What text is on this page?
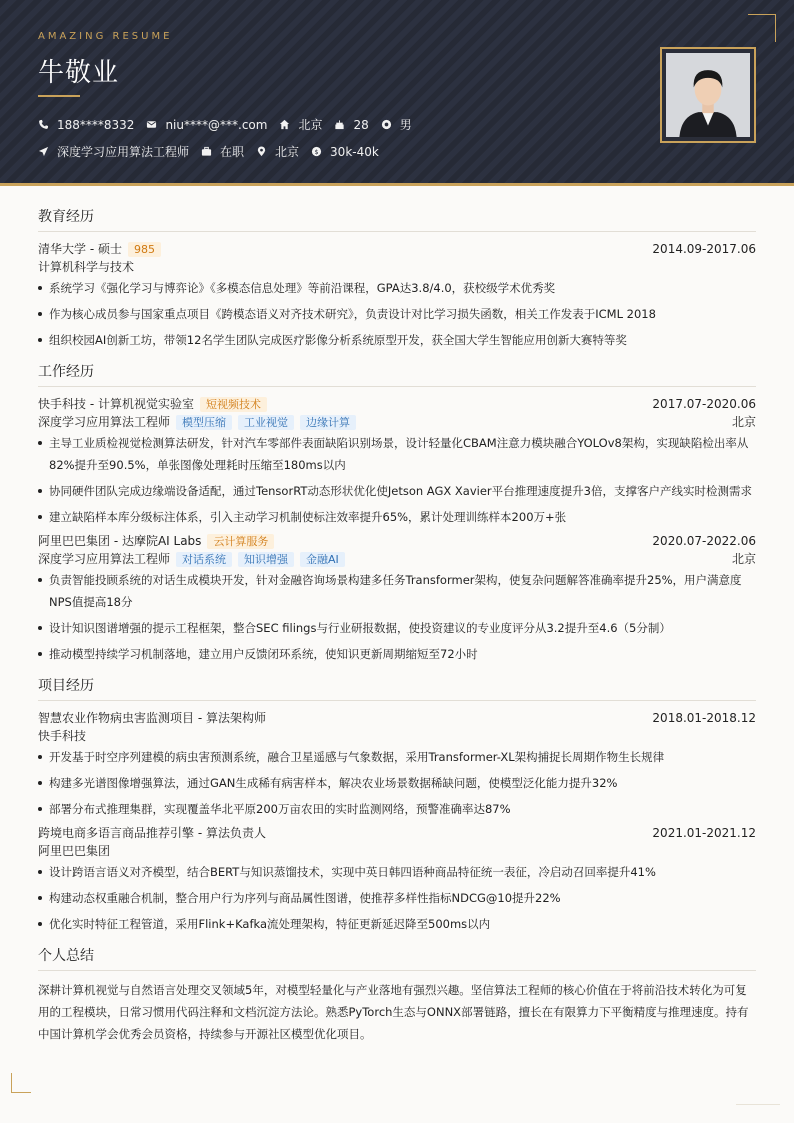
AMAZING RESUME
牛敬业
188****8332	niu****@***.com	北京	28	男
深度学习应用算法工程师	在职	北京 $ 30k-40k
教育经历
清华大学 - 硕士	985	2014.09-2017.06
计算机科学与技术
系统学习《强化学习与博弈论》《多模态信息处理》等前沿课程，GPA达3.8/4.0，获校级学术优秀奖
作为核心成员参与国家重点项目《跨模态语义对齐技术研究》，负责设计对比学习损失函数，相关工作发表于ICML 2018
组织校园AI创新工坊，带领12名学生团队完成医疗影像分析系统原型开发，获全国大学生智能应用创新大赛特等奖
工作经历
快手科技 - 计算机视觉实验室	短视频技术	2017.07-2020.06
深度学习应用算法工程师	模型压缩	工业视觉	边缘计算	北京
主导工业质检视觉检测算法研发，针对汽车零部件表面缺陷识别场景，设计轻量化CBAM注意力模块融合YOLOv8架构，实现缺陷检出率从82%提升至90.5%，单张图像处理耗时压缩至180ms以内
协同硬件团队完成边缘端设备适配，通过TensorRT动态形状优化使Jetson AGX Xavier平台推理速度提升3倍，支撑客户产线实时检测需求
建立缺陷样本库分级标注体系，引入主动学习机制使标注效率提升65%，累计处理训练样本200万+张
阿里巴巴集团 - 达摩院AI Labs	云计算服务	2020.07-2022.06
深度学习应用算法工程师	对话系统	知识增强	金融AI	北京
负责智能投顾系统的对话生成模块开发，针对金融咨询场景构建多任务Transformer架构，使复杂问题解答准确率提升25%，用户满意度NPS值提高18分
设计知识图谱增强的提示工程框架，整合SEC filings与行业研报数据，使投资建议的专业度评分从3.2提升至4.6（5分制）
推动模型持续学习机制落地，建立用户反馈闭环系统，使知识更新周期缩短至72小时
项目经历
智慧农业作物病虫害监测项目 - 算法架构师	2018.01-2018.12
快手科技
开发基于时空序列建模的病虫害预测系统，融合卫星遥感与气象数据，采用Transformer-XL架构捕捉长周期作物生长规律
构建多光谱图像增强算法，通过GAN生成稀有病害样本，解决农业场景数据稀缺问题，使模型泛化能力提升32%
部署分布式推理集群，实现覆盖华北平原200万亩农田的实时监测网络，预警准确率达87%
跨境电商多语言商品推荐引擎 - 算法负责人	2021.01-2021.12
阿里巴巴集团
设计跨语言语义对齐模型，结合BERT与知识蒸馏技术，实现中英日韩四语种商品特征统一表征，冷启动召回率提升41%
构建动态权重融合机制，整合用户行为序列与商品属性图谱，使推荐多样性指标NDCG@10提升22%
优化实时特征工程管道，采用Flink+Kafka流处理架构，特征更新延迟降至500ms以内
个人总结
深耕计算机视觉与自然语言处理交叉领域5年，对模型轻量化与产业落地有强烈兴趣。坚信算法工程师的核心价值在于将前沿技术转化为可复用的工程模块，日常习惯用代码注释和文档沉淀方法论。熟悉PyTorch生态与ONNX部署链路，擅长在有限算力下平衡精度与推理速度。持有中国计算机学会优秀会员资格，持续参与开源社区模型优化项目。
